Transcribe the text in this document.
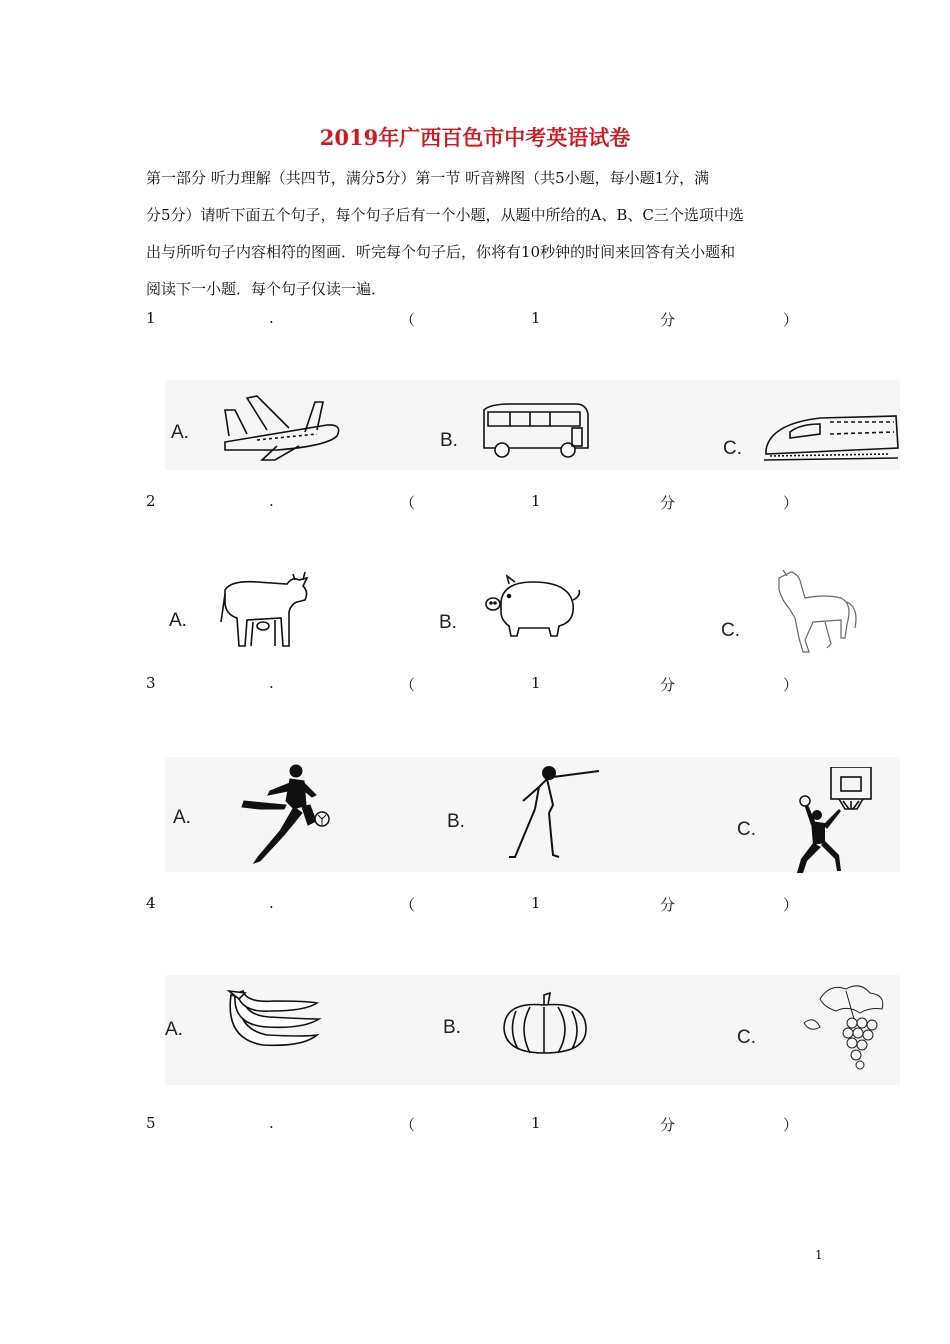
2019年广西百色市中考英语试卷

第一部分 听力理解（共四节，满分5分）第一节 听音辨图（共5小题，每小题1分，满

分5分）请听下面五个句子，每个句子后有一个小题，从题中所给的A、B、C三个选项中选

出与所听句子内容相符的图画．听完每个句子后，你将有10秒钟的时间来回答有关小题和

阅读下一小题．每个句子仅读一遍．

1	.	（	1	分	）
A.	B.	C.
2	.	（	1	分	）
A.	B.	C.
3	.	（	1	分	）
A.	B.	C.
4	.	（	1	分	）
A.	B.	C.
5	.	（	1	分	）
1
